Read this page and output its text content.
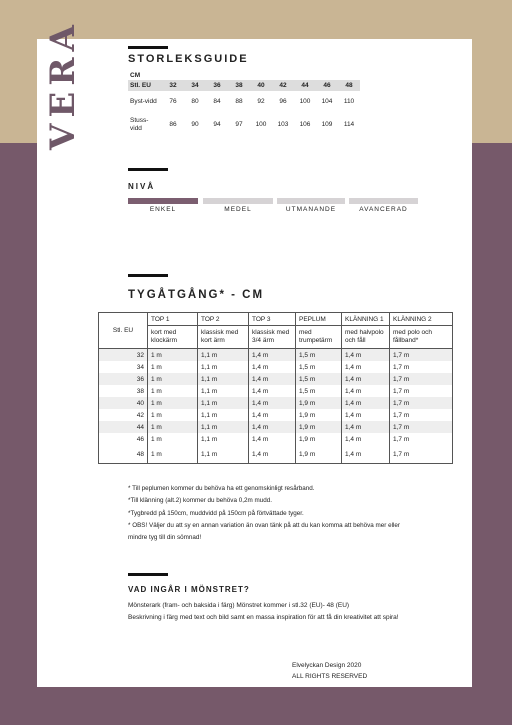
VERA	STORLEKSGUIDE
CM									
Stl. EU	32	34	36	38	40	42	44	46	48
Byst-vidd	76	80	84	88	92	96	100	104	110
Stuss-vidd	86	90	94	97	100	103	106	109	114
NIVÅ
ENKEL	MEDEL	UTMANANDE	AVANCERAD
TYGÅTGÅNG* - CM
Stl. EU	TOP 1	TOP 2	TOP 3	PEPLUM	KLÄNNING 1	KLÄNNING 2
	kort med klockärm	klassisk med kort ärm	klassisk med 3/4 ärm	med trumpetärm	med halvpolo och fåll	med polo och fållband*
32	1 m	1,1 m	1,4 m	1,5 m	1,4 m	1,7 m
34	1 m	1,1 m	1,4 m	1,5 m	1,4 m	1,7 m
36	1 m	1,1 m	1,4 m	1,5 m	1,4 m	1,7 m
38	1 m	1,1 m	1,4 m	1,5 m	1,4 m	1,7 m
40	1 m	1,1 m	1,4 m	1,9 m	1,4 m	1,7 m
42	1 m	1,1 m	1,4 m	1,9 m	1,4 m	1,7 m
44	1 m	1,1 m	1,4 m	1,9 m	1,4 m	1,7 m
46	1 m	1,1 m	1,4 m	1,9 m	1,4 m	1,7 m
48	1 m	1,1 m	1,4 m	1,9 m	1,4 m	1,7 m
* Till peplumen kommer du behöva ha ett genomskinligt resårband.
*Till klänning (alt.2) kommer du behöva 0,2m mudd.
*Tygbredd på 150cm, muddvidd på 150cm på förtvättade tyger.
* OBS! Väljer du att sy en annan variation än ovan tänk på att du kan komma att behöva mer eller
mindre tyg till din sömnad!
VAD INGÅR I MÖNSTRET?
Mönsterark (fram- och baksida i färg) Mönstret kommer i stl.32 (EU)- 48 (EU)
Beskrivning i färg med text och bild samt en massa inspiration för att få din kreativitet att spira!
Elvelyckan Design 2020
ALL RIGHTS RESERVED
